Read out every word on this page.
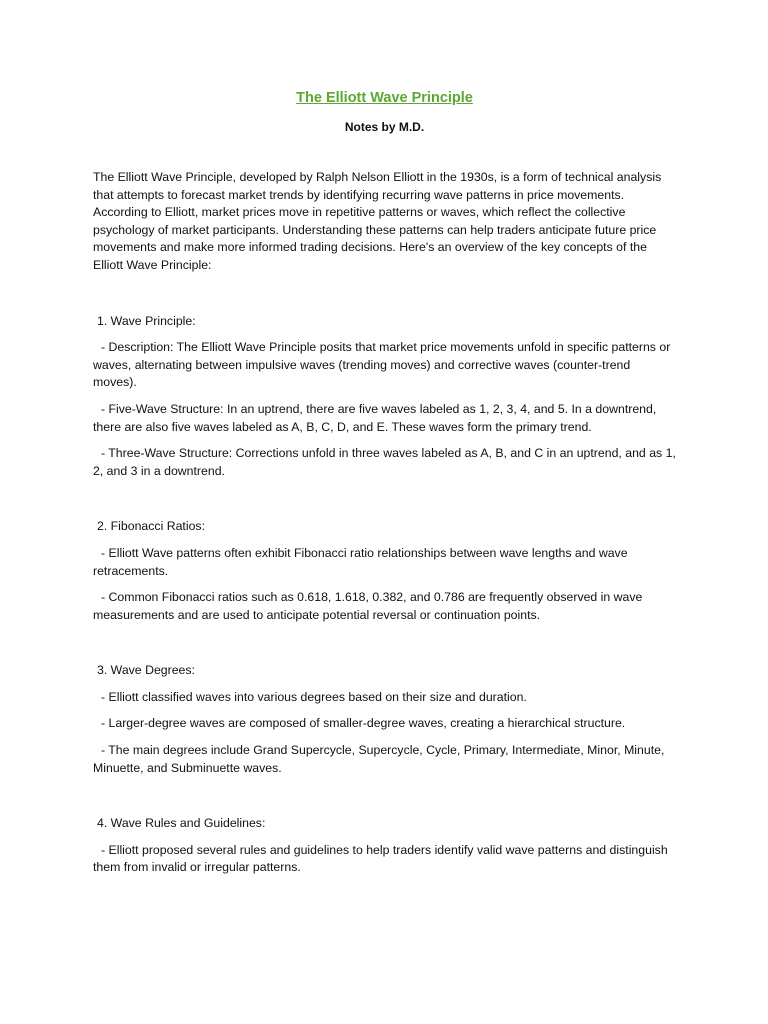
The Elliott Wave Principle
Notes by M.D.

The Elliott Wave Principle, developed by Ralph Nelson Elliott in the 1930s, is a form of technical analysis that attempts to forecast market trends by identifying recurring wave patterns in price movements. According to Elliott, market prices move in repetitive patterns or waves, which reflect the collective psychology of market participants. Understanding these patterns can help traders anticipate future price movements and make more informed trading decisions. Here's an overview of the key concepts of the Elliott Wave Principle:

1. Wave Principle:

- Description: The Elliott Wave Principle posits that market price movements unfold in specific patterns or waves, alternating between impulsive waves (trending moves) and corrective waves (counter-trend moves).

- Five-Wave Structure: In an uptrend, there are five waves labeled as 1, 2, 3, 4, and 5. In a downtrend, there are also five waves labeled as A, B, C, D, and E. These waves form the primary trend.

- Three-Wave Structure: Corrections unfold in three waves labeled as A, B, and C in an uptrend, and as 1, 2, and 3 in a downtrend.

2. Fibonacci Ratios:

- Elliott Wave patterns often exhibit Fibonacci ratio relationships between wave lengths and wave retracements.

- Common Fibonacci ratios such as 0.618, 1.618, 0.382, and 0.786 are frequently observed in wave measurements and are used to anticipate potential reversal or continuation points.

3. Wave Degrees:

- Elliott classified waves into various degrees based on their size and duration.

- Larger-degree waves are composed of smaller-degree waves, creating a hierarchical structure.

- The main degrees include Grand Supercycle, Supercycle, Cycle, Primary, Intermediate, Minor, Minute, Minuette, and Subminuette waves.

4. Wave Rules and Guidelines:

- Elliott proposed several rules and guidelines to help traders identify valid wave patterns and distinguish them from invalid or irregular patterns.
